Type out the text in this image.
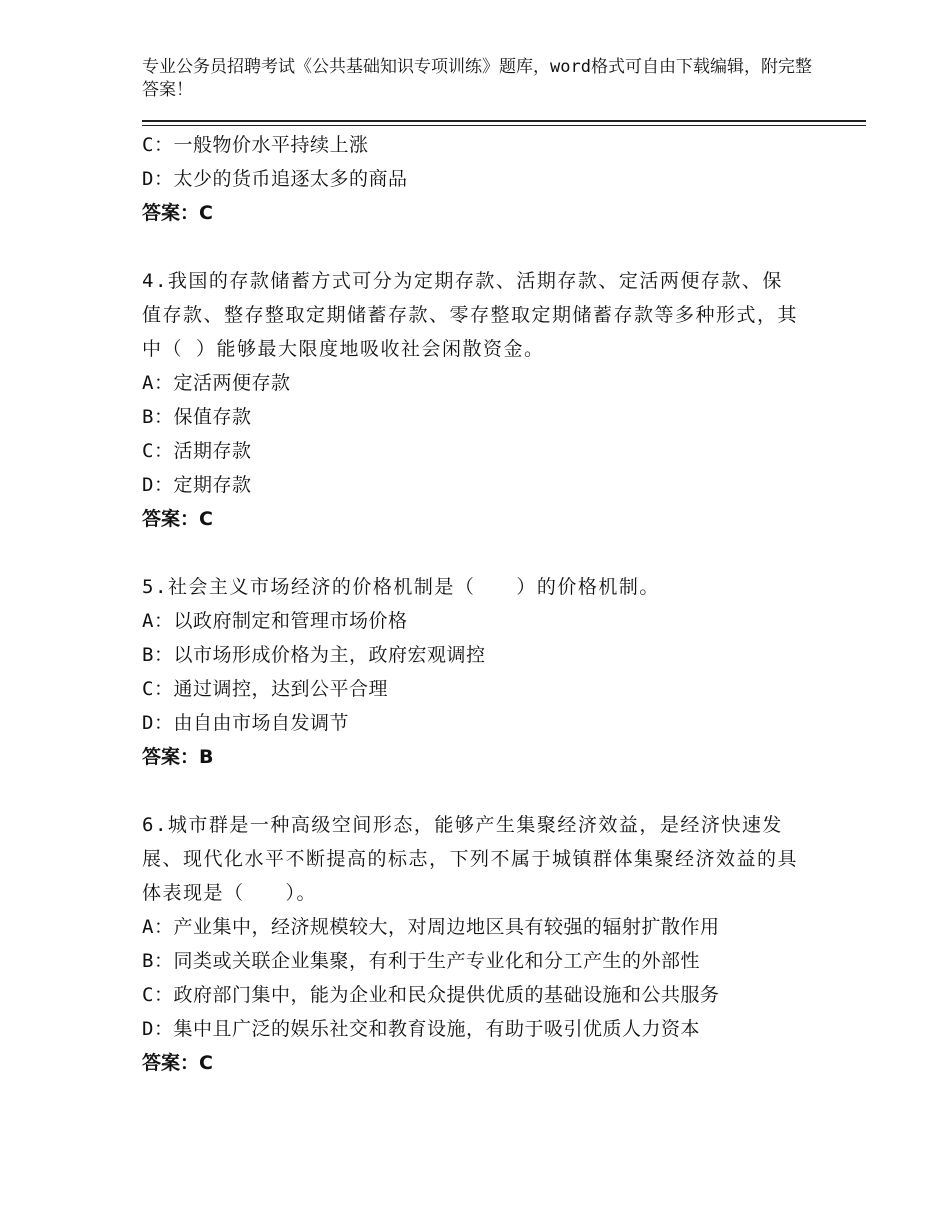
专业公务员招聘考试《公共基础知识专项训练》题库，word格式可自由下载编辑，附完整答案！
C：一般物价水平持续上涨
D：太少的货币追逐太多的商品
答案：C
4.我国的存款储蓄方式可分为定期存款、活期存款、定活两便存款、保值存款、整存整取定期储蓄存款、零存整取定期储蓄存款等多种形式，其中（ ）能够最大限度地吸收社会闲散资金。
A：定活两便存款
B：保值存款
C：活期存款
D：定期存款
答案：C
5.社会主义市场经济的价格机制是（　　）的价格机制。
A：以政府制定和管理市场价格
B：以市场形成价格为主，政府宏观调控
C：通过调控，达到公平合理
D：由自由市场自发调节
答案：B
6.城市群是一种高级空间形态，能够产生集聚经济效益，是经济快速发展、现代化水平不断提高的标志，下列不属于城镇群体集聚经济效益的具体表现是（　　）。
A：产业集中，经济规模较大，对周边地区具有较强的辐射扩散作用
B：同类或关联企业集聚，有利于生产专业化和分工产生的外部性
C：政府部门集中，能为企业和民众提供优质的基础设施和公共服务
D：集中且广泛的娱乐社交和教育设施，有助于吸引优质人力资本
答案：C
